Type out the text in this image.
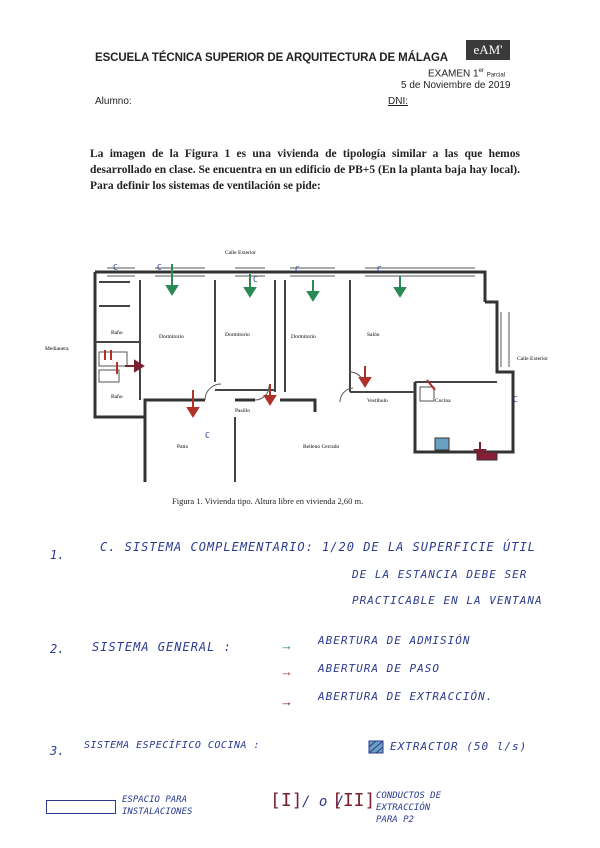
ESCUELA TÉCNICA SUPERIOR DE ARQUITECTURA DE MÁLAGA
eAM'
EXAMEN 1er Parcial
5 de Noviembre de 2019
Alumno:	DNI:
La imagen de la Figura 1 es una vivienda de tipología similar a las que hemos desarrollado en clase. Se encuentra en un edificio de PB+5 (En la planta baja hay local). Para definir los sistemas de ventilación se pide:
Calle Exterior
Calle Exterior
Medianera
Baño
Baño
Dormitorio	Dormitorio	Dormitorio	Salón
Pasillo
Vestíbulo	Cocina
Patio	Relleno Cerrado
C	C
C
C	C
C
C
Figura 1. Vivienda tipo. Altura libre en vivienda 2,60 m.
1.
C. SISTEMA COMPLEMENTARIO: 1/20 DE LA SUPERFICIE ÚTIL
DE LA ESTANCIA DEBE SER
PRACTICABLE EN LA VENTANA
2. SISTEMA GENERAL :	→ ABERTURA DE ADMISIÓN
→ ABERTURA DE PASO
→ ABERTURA DE EXTRACCIÓN.
3. SISTEMA ESPECÍFICO COCINA :	EXTRACTOR (50 l/s)
ESPACIO PARA
INSTALACIONES
[I] / o /
[II] CONDUCTOS DE
EXTRACCIÓN
PARA P2
